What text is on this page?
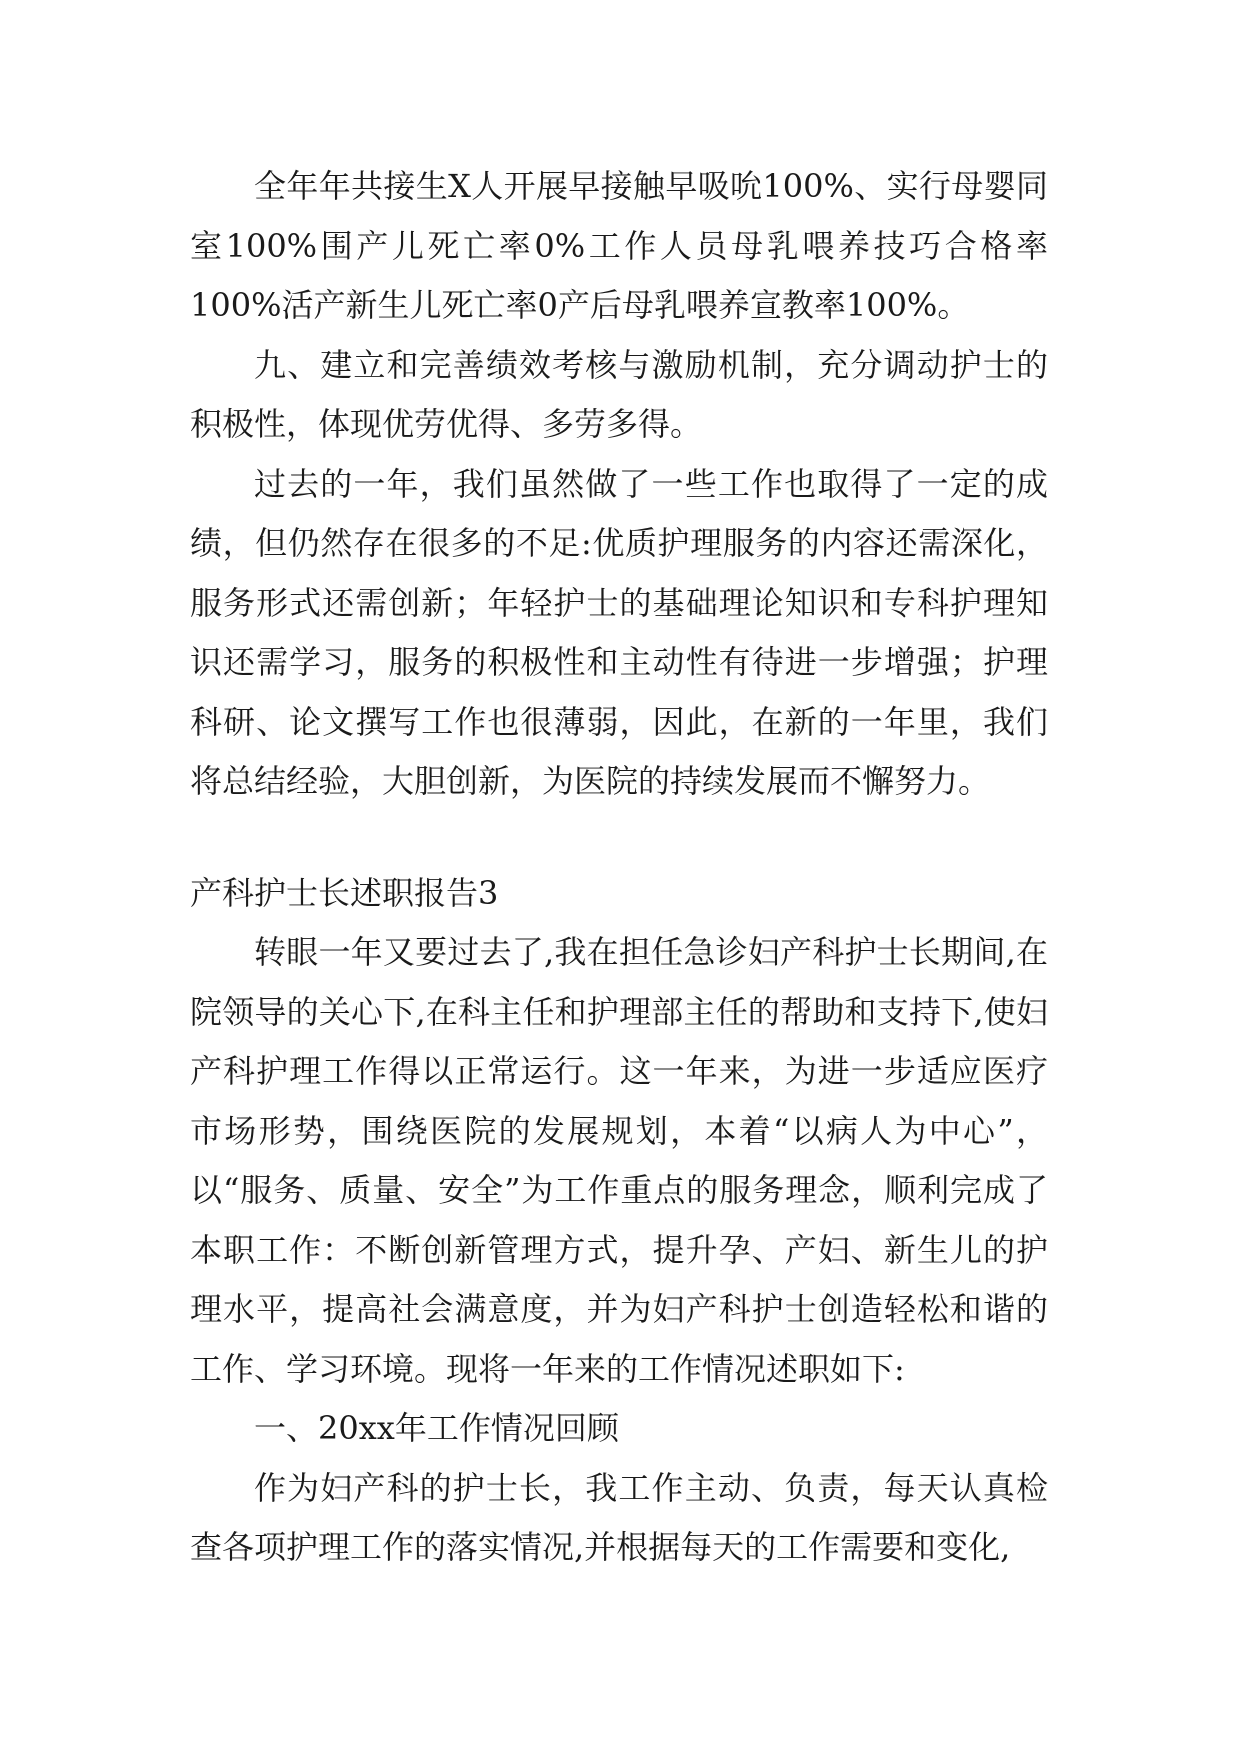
全年年共接生X人开展早接触早吸吮100%、实行母婴同室100%围产儿死亡率0%工作人员母乳喂养技巧合格率100%活产新生儿死亡率0产后母乳喂养宣教率100%。

九、建立和完善绩效考核与激励机制，充分调动护士的积极性，体现优劳优得、多劳多得。

过去的一年，我们虽然做了一些工作也取得了一定的成绩，但仍然存在很多的不足:优质护理服务的内容还需深化，服务形式还需创新；年轻护士的基础理论知识和专科护理知识还需学习，服务的积极性和主动性有待进一步增强；护理科研、论文撰写工作也很薄弱，因此，在新的一年里，我们将总结经验，大胆创新，为医院的持续发展而不懈努力。

产科护士长述职报告3

转眼一年又要过去了,我在担任急诊妇产科护士长期间,在院领导的关心下,在科主任和护理部主任的帮助和支持下,使妇产科护理工作得以正常运行。这一年来，为进一步适应医疗市场形势，围绕医院的发展规划，本着“以病人为中心”，以“服务、质量、安全”为工作重点的服务理念，顺利完成了本职工作：不断创新管理方式，提升孕、产妇、新生儿的护理水平，提高社会满意度，并为妇产科护士创造轻松和谐的工作、学习环境。现将一年来的工作情况述职如下:

一、20xx年工作情况回顾

作为妇产科的护士长，我工作主动、负责，每天认真检查各项护理工作的落实情况,并根据每天的工作需要和变化,
